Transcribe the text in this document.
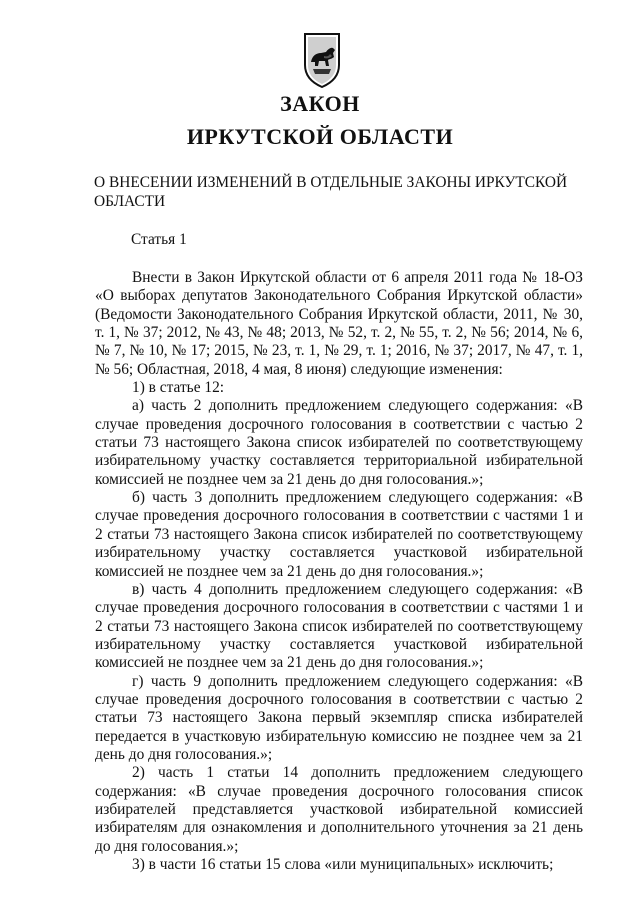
ЗАКОН
ИРКУТСКОЙ ОБЛАСТИ

О ВНЕСЕНИИ ИЗМЕНЕНИЙ В ОТДЕЛЬНЫЕ ЗАКОНЫ ИРКУТСКОЙ ОБЛАСТИ

Статья 1

Внести в Закон Иркутской области от 6 апреля 2011 года № 18-ОЗ «О выборах депутатов Законодательного Собрания Иркутской области» (Ведомости Законодательного Собрания Иркутской области, 2011, № 30, т. 1, № 37; 2012, № 43, № 48; 2013, № 52, т. 2, № 55, т. 2, № 56; 2014, № 6, № 7, № 10, № 17; 2015, № 23, т. 1, № 29, т. 1; 2016, № 37; 2017, № 47, т. 1, № 56; Областная, 2018, 4 мая, 8 июня) следующие изменения:

1) в статье 12:

а) часть 2 дополнить предложением следующего содержания: «В случае проведения досрочного голосования в соответствии с частью 2 статьи 73 настоящего Закона список избирателей по соответствующему избирательному участку составляется территориальной избирательной комиссией не позднее чем за 21 день до дня голосования.»;

б) часть 3 дополнить предложением следующего содержания: «В случае проведения досрочного голосования в соответствии с частями 1 и 2 статьи 73 настоящего Закона список избирателей по соответствующему избирательному участку составляется участковой избирательной комиссией не позднее чем за 21 день до дня голосования.»;

в) часть 4 дополнить предложением следующего содержания: «В случае проведения досрочного голосования в соответствии с частями 1 и 2 статьи 73 настоящего Закона список избирателей по соответствующему избирательному участку составляется участковой избирательной комиссией не позднее чем за 21 день до дня голосования.»;

г) часть 9 дополнить предложением следующего содержания: «В случае проведения досрочного голосования в соответствии с частью 2 статьи 73 настоящего Закона первый экземпляр списка избирателей передается в участковую избирательную комиссию не позднее чем за 21 день до дня голосования.»;

2) часть 1 статьи 14 дополнить предложением следующего содержания: «В случае проведения досрочного голосования список избирателей представляется участковой избирательной комиссией избирателям для ознакомления и дополнительного уточнения за 21 день до дня голосования.»;

3) в части 16 статьи 15 слова «или муниципальных» исключить;
